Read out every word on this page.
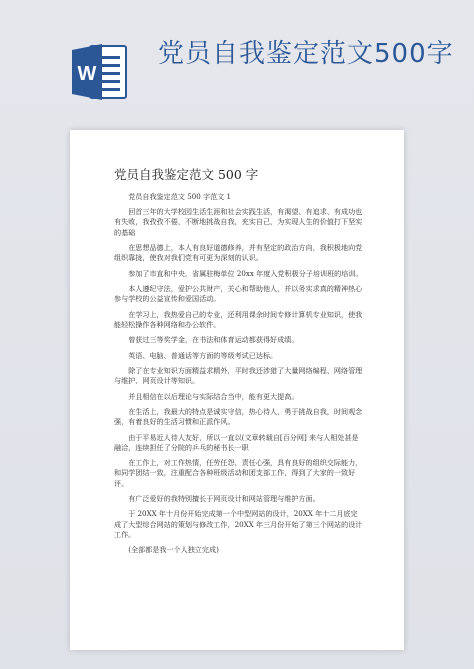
W
党员自我鉴定范文500字
党员自我鉴定范文 500 字

党员自我鉴定范文 500 字范文 1

回首三年的大学校园生活生涯和社会实践生活，有渴望、有追求、有成功也有失败，我孜孜不倦，不断地挑战自我，充实自己，为实现人生的价值打下坚实的基础

在思想品德上，本人有良好道德修养，并有坚定的政治方向，我积极地向党组织靠拢，使我对我们党有可更为深刻的认识。

参加了市直和中央，省属驻梅单位 20xx 年度入党积极分子培训班的培训。

本人遵纪守法，爱护公共财产，关心和帮助他人，并以务实求真的精神热心参与学校的公益宣传和爱国活动。

在学习上，我热爱自己的专业，还利用课余时间专修计算机专业知识，使我能轻松操作各种网络和办公软件。

曾获过三等奖学金，在书法和体育运动都获得好成绩。

英语、电脑、普通话等方面的等级考试已达标。

除了在专业知识方面精益求精外，平时我还涉猎了大量网络编程、网络管理与维护、网页设计等知识。

并且相信在以后理论与实际结合当中，能有更大提高。

在生活上，我最大的特点是诚实守信，热心待人，勇于挑战自我，时间观念强，有着良好的生活习惯和正派作风。

由于平易近人待人友好，所以一直以(文章转载自[百分网] 来与人相处甚是融洽，连续担任了分院的乒乓的秘书长一职

在工作上，对工作热情，任劳任怨，责任心强，具有良好的组织交际能力，和同学团结一致，注重配合各种班级活动和团支部工作，得到了大家的一致好评。

有广泛爱好的我特别擅长于网页设计和网站管理与维护方面。

于 20XX 年十月份开始完成第一个中型网站的设计，20XX 年十二月底完成了大型综合网站的策划与修改工作，20XX 年三月份开始了第三个网站的设计工作。

(全部都是我一个人独立完成)
